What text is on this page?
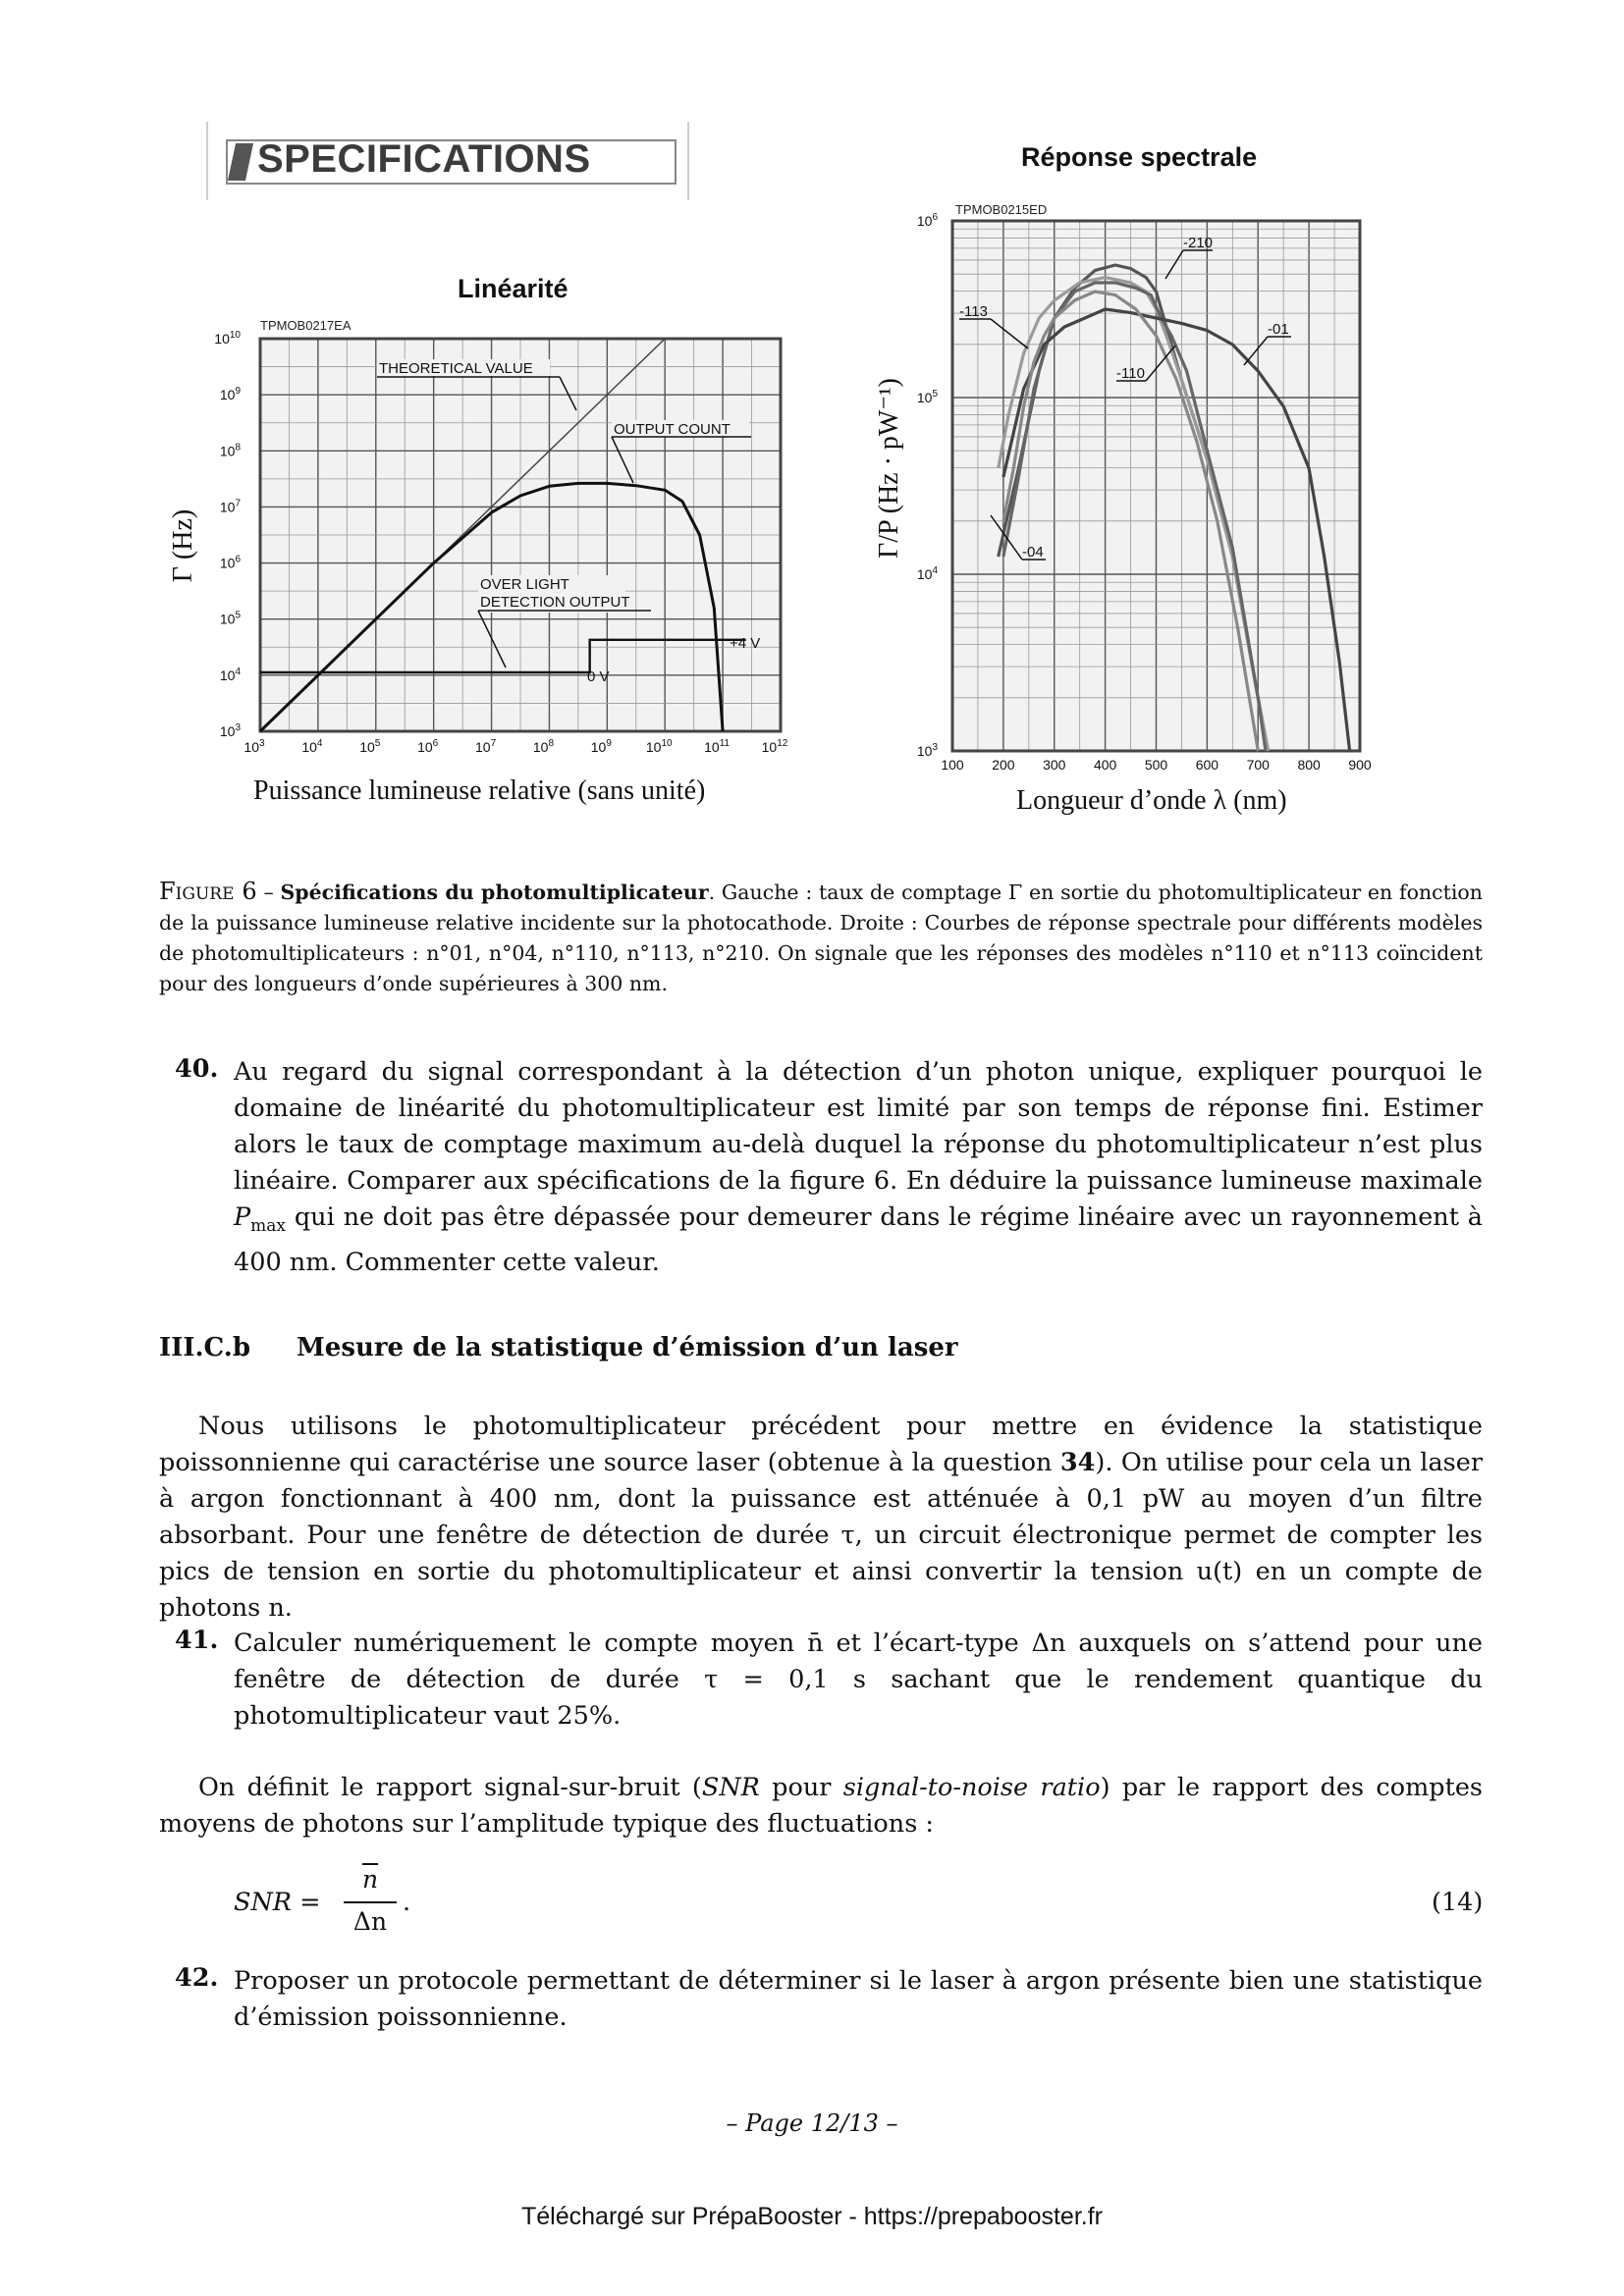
SPECIFICATIONS
Linéarité
Réponse spectrale
TPMOB0217EA
$10^{10}$
$10^9$
$10^8$
$10^7$
$10^6$
$10^5$
$10^4$
$10^3$
$10^3$	$10^4$	$10^5$	$10^6$	$10^7$	$10^8$	$10^9$ $10^{10}$ $10^{11}$ $10^{12}$
THEORETICAL VALUE
OUTPUT COUNT
OVER LIGHT
DETECTION OUTPUT
+4 V
0 V
Γ (Hz)
Puissance lumineuse relative (sans unité)
TPMOB0215ED
$10^6$
$10^5$
$10^4$
$10^3$
100 200 300 400 500 600 700 800 900
-210
-113
-01
-110
-04
Γ/P (Hz · pW⁻¹)
Longueur d’onde λ (nm)
Figure 6 – Spécifications du photomultiplicateur. Gauche : taux de comptage Γ en sortie du photomultiplicateur en fonction de la puissance lumineuse relative incidente sur la photocathode. Droite : Courbes de réponse spectrale pour différents modèles de photomultiplicateurs : n°01, n°04, n°110, n°113, n°210. On signale que les réponses des modèles n°110 et n°113 coïncident pour des longueurs d’onde supérieures à 300 nm.
40. Au regard du signal correspondant à la détection d’un photon unique, expliquer pourquoi le domaine de linéarité du photomultiplicateur est limité par son temps de réponse fini. Estimer alors le taux de comptage maximum au-delà duquel la réponse du photomultiplicateur n’est plus linéaire. Comparer aux spécifications de la figure 6. En déduire la puissance lumineuse maximale $P_{max}$ qui ne doit pas être dépassée pour demeurer dans le régime linéaire avec un rayonnement à 400 nm. Commenter cette valeur.
III.C.b Mesure de la statistique d’émission d’un laser
Nous utilisons le photomultiplicateur précédent pour mettre en évidence la statistique poissonnienne qui caractérise une source laser (obtenue à la question 34). On utilise pour cela un laser à argon fonctionnant à 400 nm, dont la puissance est atténuée à 0,1 pW au moyen d’un filtre absorbant. Pour une fenêtre de détection de durée τ, un circuit électronique permet de compter les pics de tension en sortie du photomultiplicateur et ainsi convertir la tension u(t) en un compte de photons n.
41. Calculer numériquement le compte moyen n̄ et l’écart-type Δn auxquels on s’attend pour une fenêtre de détection de durée τ = 0,1 s sachant que le rendement quantique du photomultiplicateur vaut 25%.
On définit le rapport signal-sur-bruit (SNR pour signal-to-noise ratio) par le rapport des comptes moyens de photons sur l’amplitude typique des fluctuations :
SNR =
$\overline{n}$
Δn
.	(14)
42. Proposer un protocole permettant de déterminer si le laser à argon présente bien une statistique d’émission poissonnienne.
– Page 12/13 –
Téléchargé sur PrépaBooster - https://prepabooster.fr
